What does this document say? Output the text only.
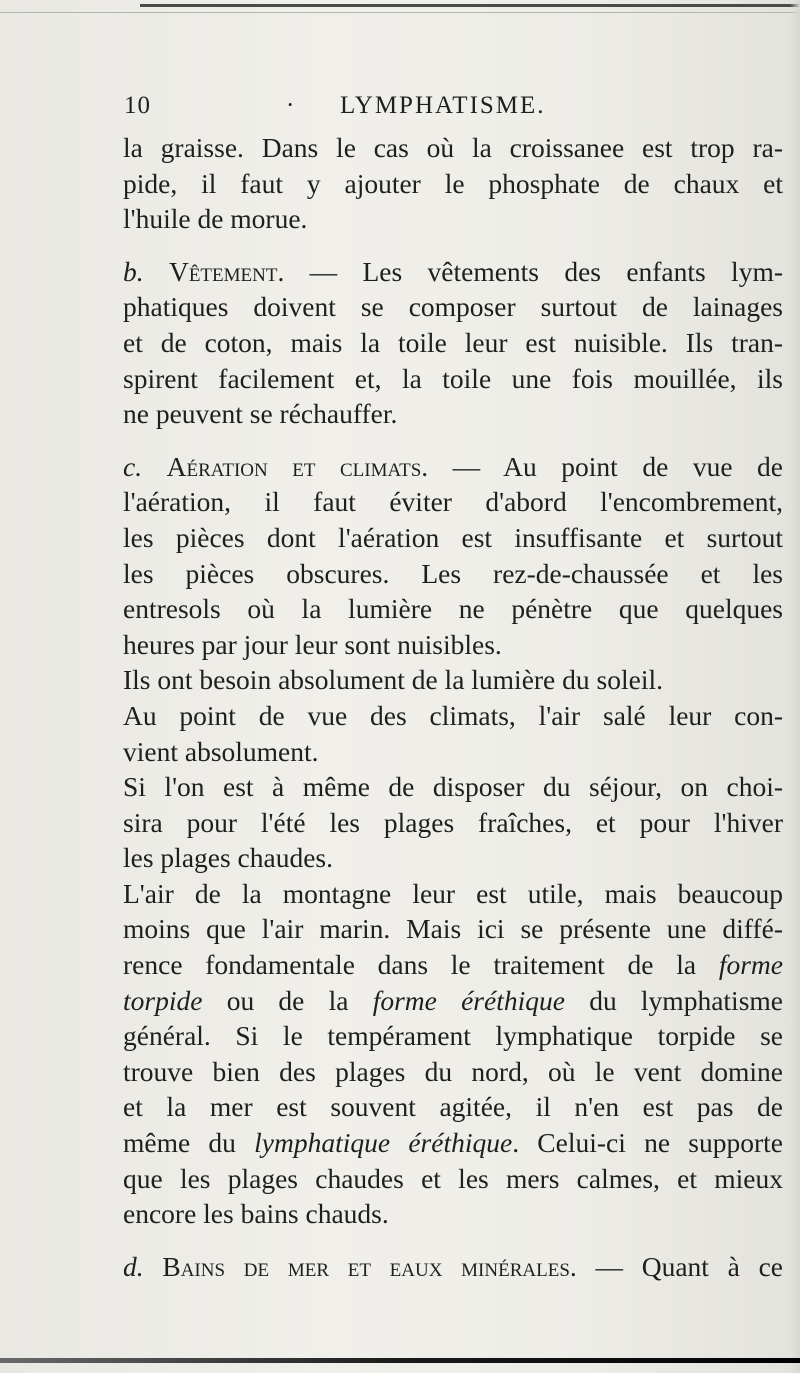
10	· LYMPHATISME.

la graisse. Dans le cas où la croissanee est trop ra-

pide, il faut y ajouter le phosphate de chaux et

l'huile de morue.

b. Vêtement. — Les vêtements des enfants lym-

phatiques doivent se composer surtout de lainages

et de coton, mais la toile leur est nuisible. Ils tran-

spirent facilement et, la toile une fois mouillée, ils

ne peuvent se réchauffer.

c. Aération et climats. — Au point de vue de

l'aération, il faut éviter d'abord l'encombrement,

les pièces dont l'aération est insuffisante et surtout

les pièces obscures. Les rez-de-chaussée et les

entresols où la lumière ne pénètre que quelques

heures par jour leur sont nuisibles.

Ils ont besoin absolument de la lumière du soleil.

Au point de vue des climats, l'air salé leur con-

vient absolument.

Si l'on est à même de disposer du séjour, on choi-

sira pour l'été les plages fraîches, et pour l'hiver

les plages chaudes.

L'air de la montagne leur est utile, mais beaucoup

moins que l'air marin. Mais ici se présente une diffé-

rence fondamentale dans le traitement de la forme

torpide ou de la forme éréthique du lymphatisme

général. Si le tempérament lymphatique torpide se

trouve bien des plages du nord, où le vent domine

et la mer est souvent agitée, il n'en est pas de

même du lymphatique éréthique. Celui-ci ne supporte

que les plages chaudes et les mers calmes, et mieux

encore les bains chauds.

d. Bains de mer et eaux minérales. — Quant à ce
